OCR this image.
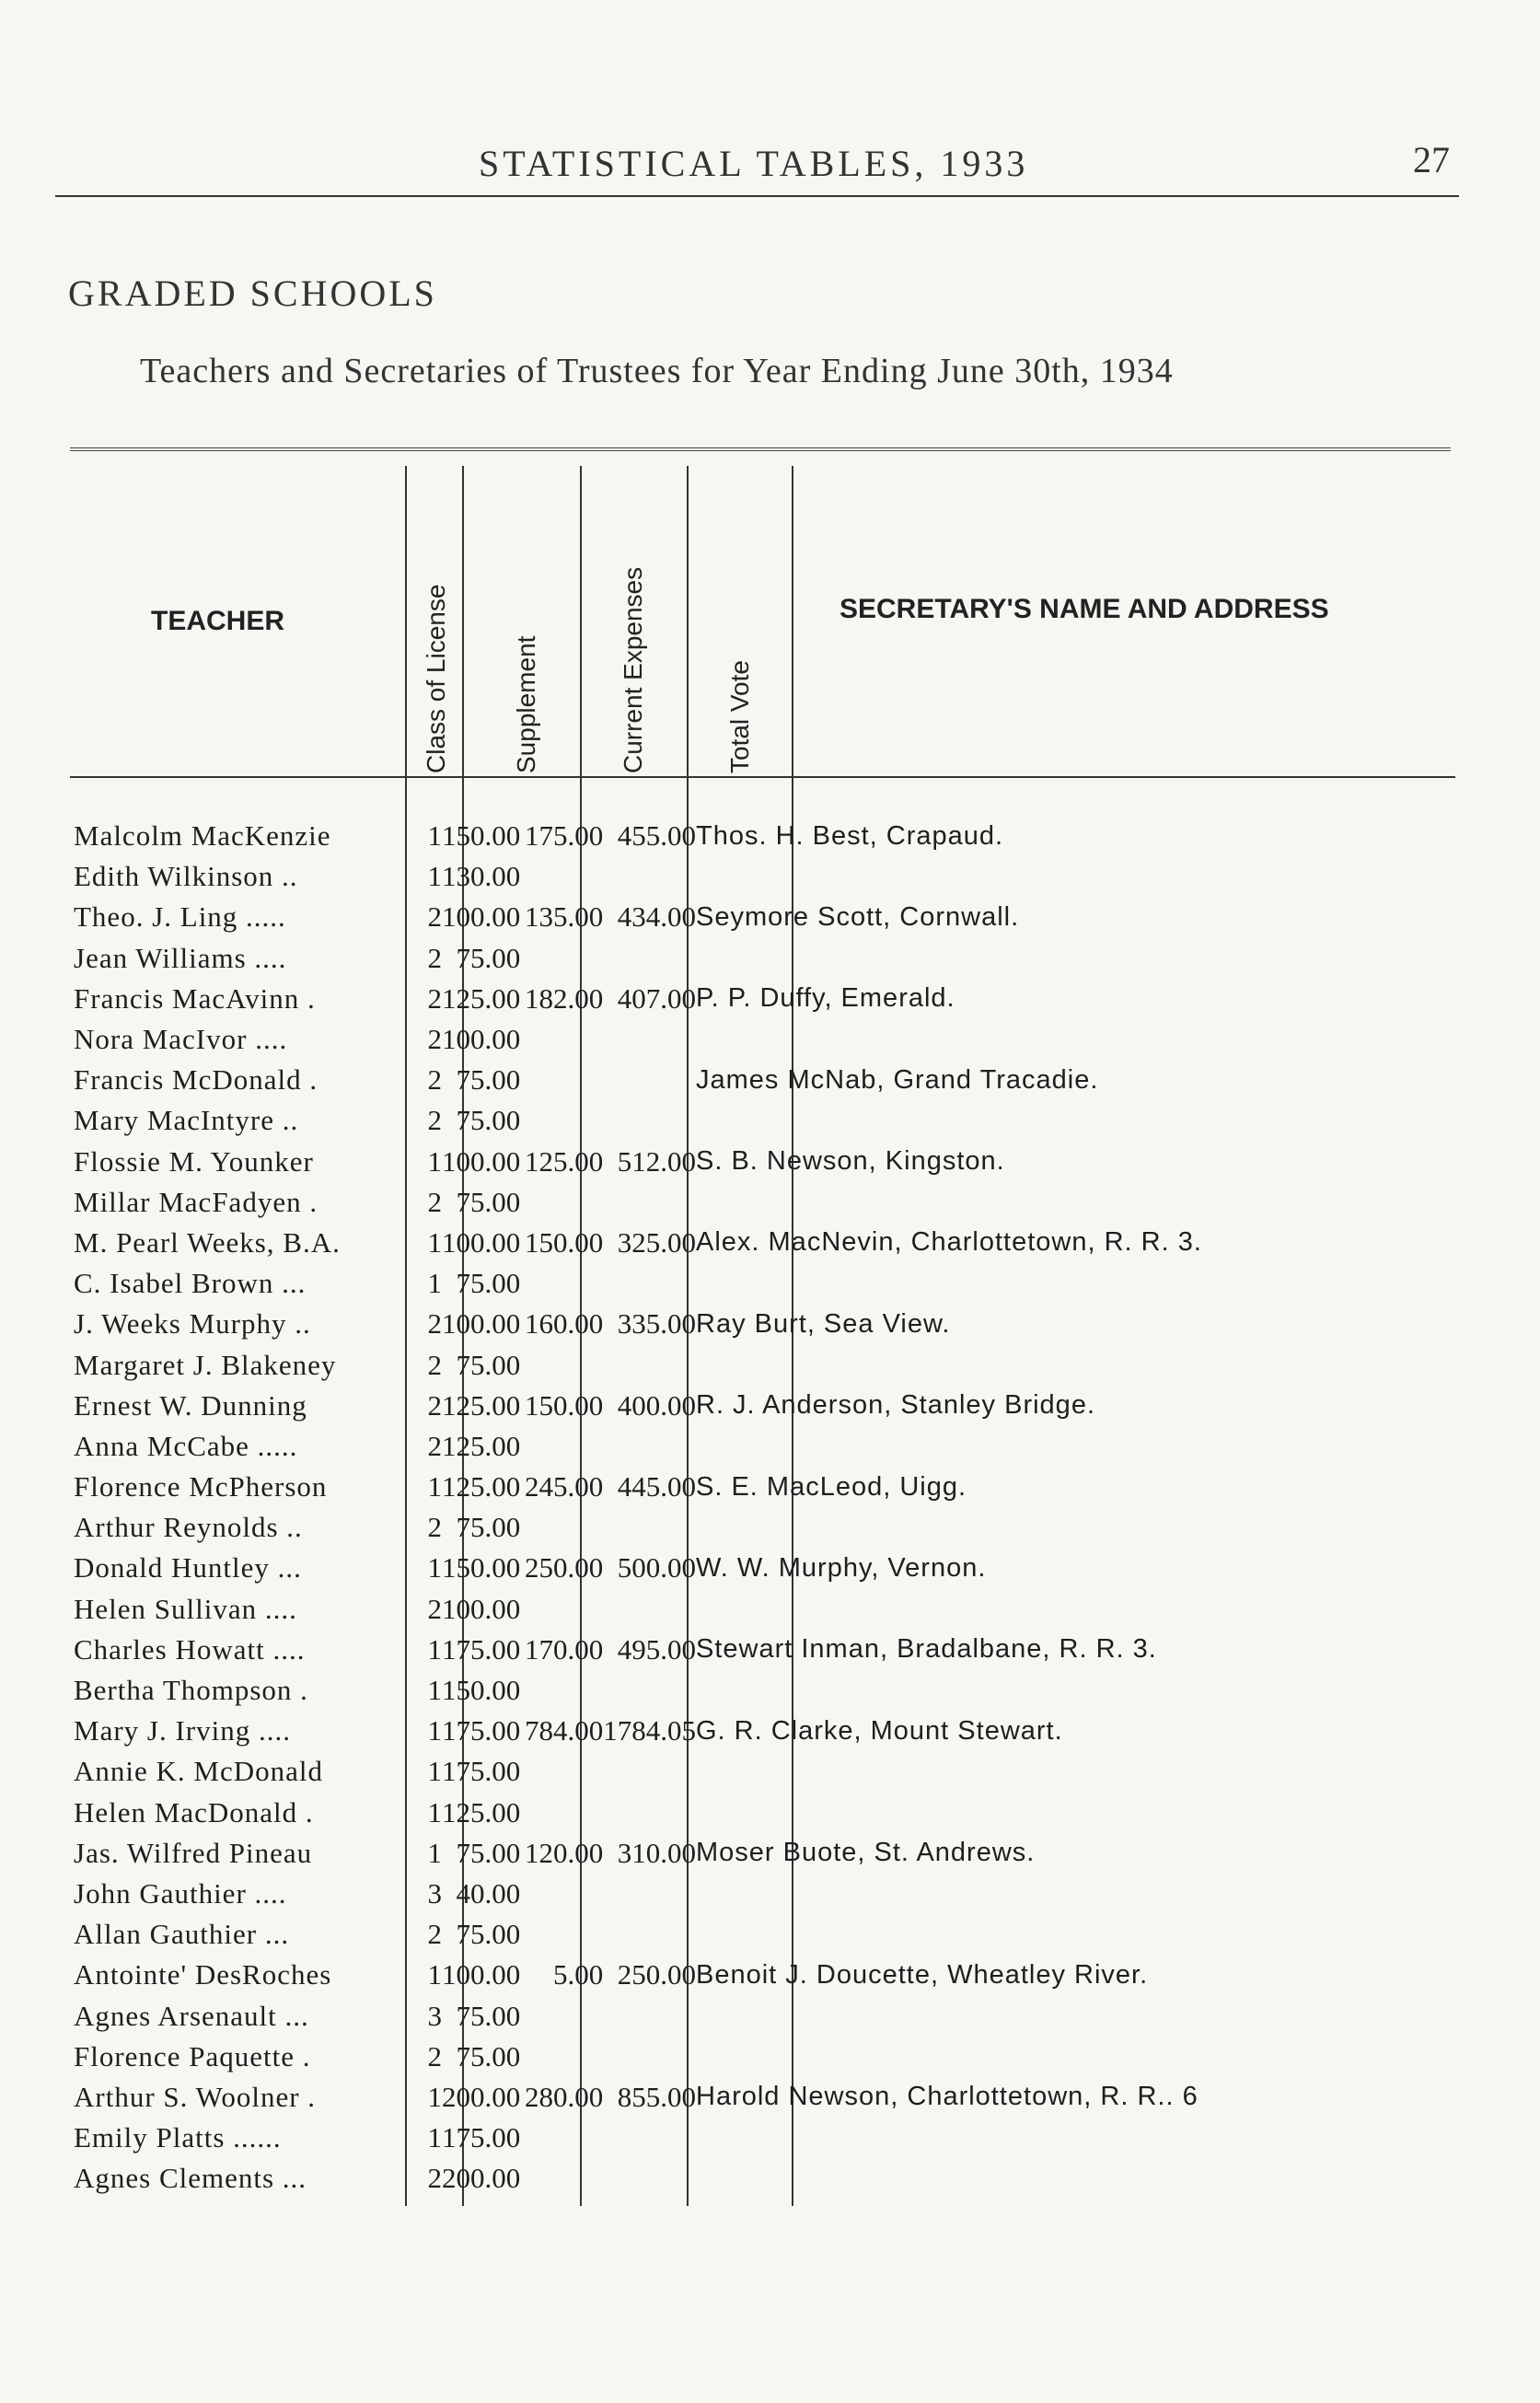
STATISTICAL TABLES, 1933	27
GRADED SCHOOLS
Teachers and Secretaries of Trustees for Year Ending June 30th, 1934
TEACHER	Class of License Supplement	Current Expenses	Total Vote
SECRETARY'S NAME AND ADDRESS
Malcolm MacKenzie	1	150.00	175.00	455.00	Thos. H. Best, Crapaud.
Edith Wilkinson ..	1	130.00			
Theo. J. Ling .....	2	100.00	135.00	434.00	Seymore Scott, Cornwall.
Jean Williams ....	2	75.00			
Francis MacAvinn .	2	125.00	182.00	407.00	P. P. Duffy, Emerald.
Nora MacIvor ....	2	100.00			
Francis McDonald .	2	75.00			James McNab, Grand Tracadie.
Mary MacIntyre ..	2	75.00			
Flossie M. Younker	1	100.00	125.00	512.00	S. B. Newson, Kingston.
Millar MacFadyen .	2	75.00			
M. Pearl Weeks, B.A.	1	100.00	150.00	325.00	Alex. MacNevin, Charlottetown, R. R. 3.
C. Isabel Brown ...	1	75.00			
J. Weeks Murphy ..	2	100.00	160.00	335.00	Ray Burt, Sea View.
Margaret J. Blakeney	2	75.00			
Ernest W. Dunning	2	125.00	150.00	400.00	R. J. Anderson, Stanley Bridge.
Anna McCabe .....	2	125.00			
Florence McPherson	1	125.00	245.00	445.00	S. E. MacLeod, Uigg.
Arthur Reynolds ..	2	75.00			
Donald Huntley ...	1	150.00	250.00	500.00	W. W. Murphy, Vernon.
Helen Sullivan ....	2	100.00			
Charles Howatt ....	1	175.00	170.00	495.00	Stewart Inman, Bradalbane, R. R. 3.
Bertha Thompson .	1	150.00			
Mary J. Irving ....	1	175.00	784.00	1784.05	G. R. Clarke, Mount Stewart.
Annie K. McDonald	1	175.00			
Helen MacDonald .	1	125.00			
Jas. Wilfred Pineau	1	75.00	120.00	310.00	Moser Buote, St. Andrews.
John Gauthier ....	3	40.00			
Allan Gauthier ...	2	75.00			
Antointe' DesRoches	1	100.00	5.00	250.00	Benoit J. Doucette, Wheatley River.
Agnes Arsenault ...	3	75.00			
Florence Paquette .	2	75.00			
Arthur S. Woolner .	1	200.00	280.00	855.00	Harold Newson, Charlottetown, R. R.. 6
Emily Platts ......	1	175.00			
Agnes Clements ...	2	200.00			
